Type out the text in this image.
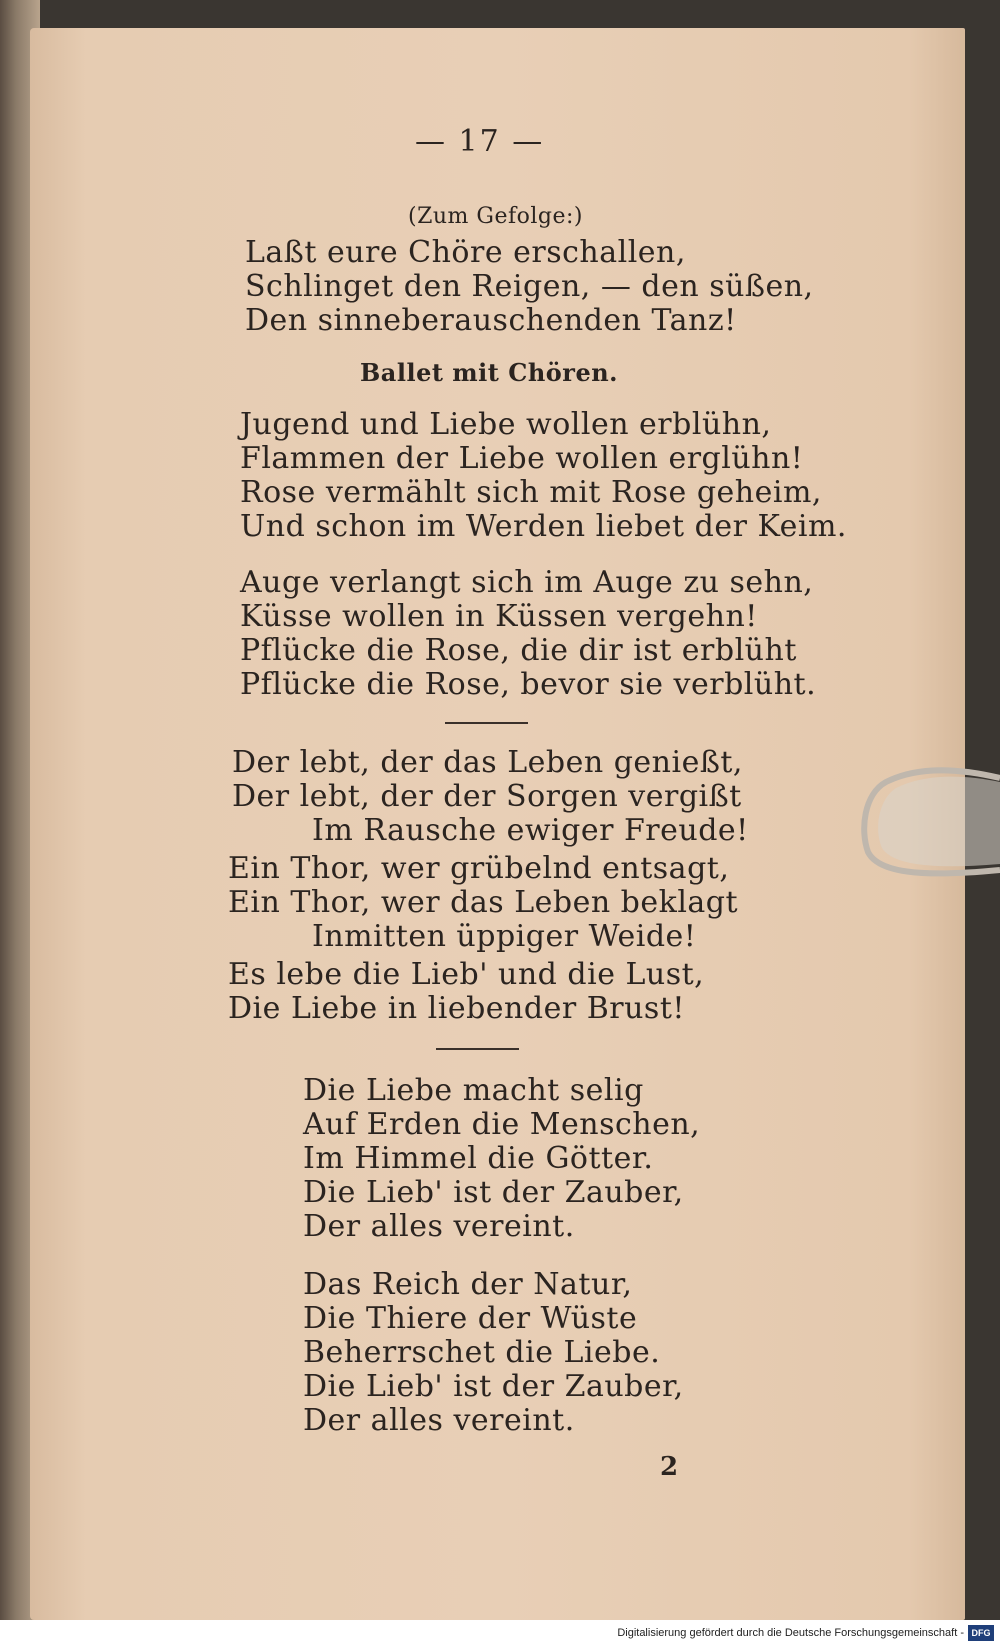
— 17 —
(Zum Gefolge:)
Laßt eure Chöre erschallen,
Schlinget den Reigen, — den süßen,
Den sinneberauschenden Tanz!
Ballet mit Chören.
Jugend und Liebe wollen erblühn,
Flammen der Liebe wollen erglühn!
Rose vermählt sich mit Rose geheim,
Und schon im Werden liebet der Keim.
Auge verlangt sich im Auge zu sehn,
Küsse wollen in Küssen vergehn!
Pflücke die Rose, die dir ist erblüht
Pflücke die Rose, bevor sie verblüht.
Der lebt, der das Leben genießt,
Der lebt, der der Sorgen vergißt
Im Rausche ewiger Freude!
Ein Thor, wer grübelnd entsagt,
Ein Thor, wer das Leben beklagt
Inmitten üppiger Weide!
Es lebe die Lieb' und die Lust,
Die Liebe in liebender Brust!
Die Liebe macht selig
Auf Erden die Menschen,
Im Himmel die Götter.
Die Lieb' ist der Zauber,
Der alles vereint.
Das Reich der Natur,
Die Thiere der Wüste
Beherrschet die Liebe.
Die Lieb' ist der Zauber,
Der alles vereint.
2
Digitalisierung gefördert durch die Deutsche Forschungsgemeinschaft - DFG
